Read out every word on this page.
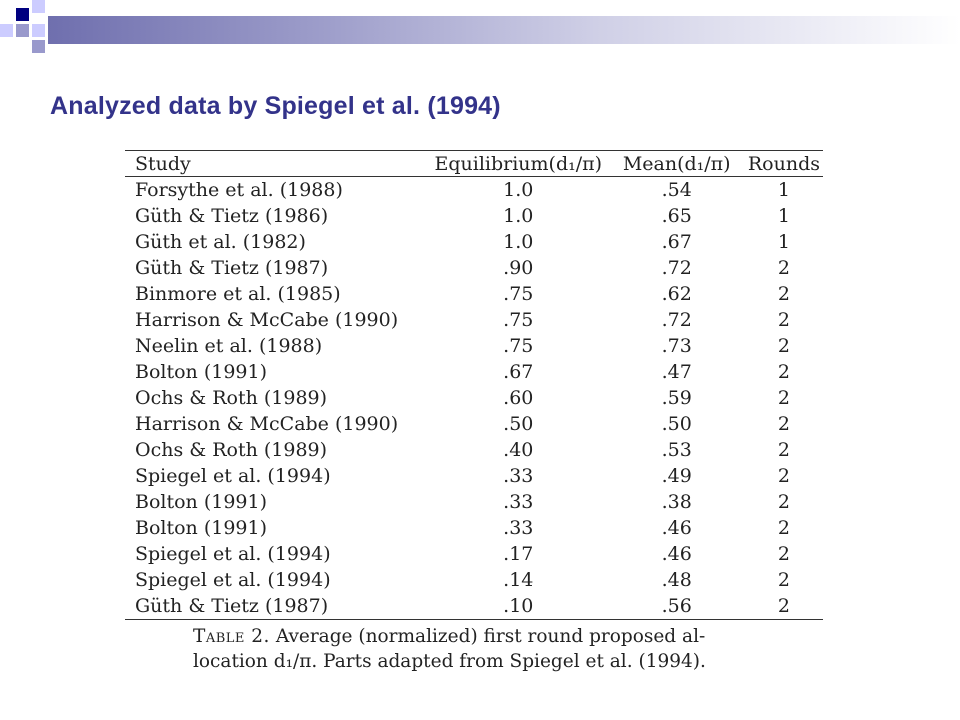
Analyzed data by Spiegel et al. (1994)
Study	Equilibrium(d₁/π)	Mean(d₁/π)	Rounds
Forsythe et al. (1988)	1.0	.54	1
Güth & Tietz (1986)	1.0	.65	1
Güth et al. (1982)	1.0	.67	1
Güth & Tietz (1987)	.90	.72	2
Binmore et al. (1985)	.75	.62	2
Harrison & McCabe (1990)	.75	.72	2
Neelin et al. (1988)	.75	.73	2
Bolton (1991)	.67	.47	2
Ochs & Roth (1989)	.60	.59	2
Harrison & McCabe (1990)	.50	.50	2
Ochs & Roth (1989)	.40	.53	2
Spiegel et al. (1994)	.33	.49	2
Bolton (1991)	.33	.38	2
Bolton (1991)	.33	.46	2
Spiegel et al. (1994)	.17	.46	2
Spiegel et al. (1994)	.14	.48	2
Güth & Tietz (1987)	.10	.56	2
Table 2. Average (normalized) first round proposed al-
location d₁/π. Parts adapted from Spiegel et al. (1994).
